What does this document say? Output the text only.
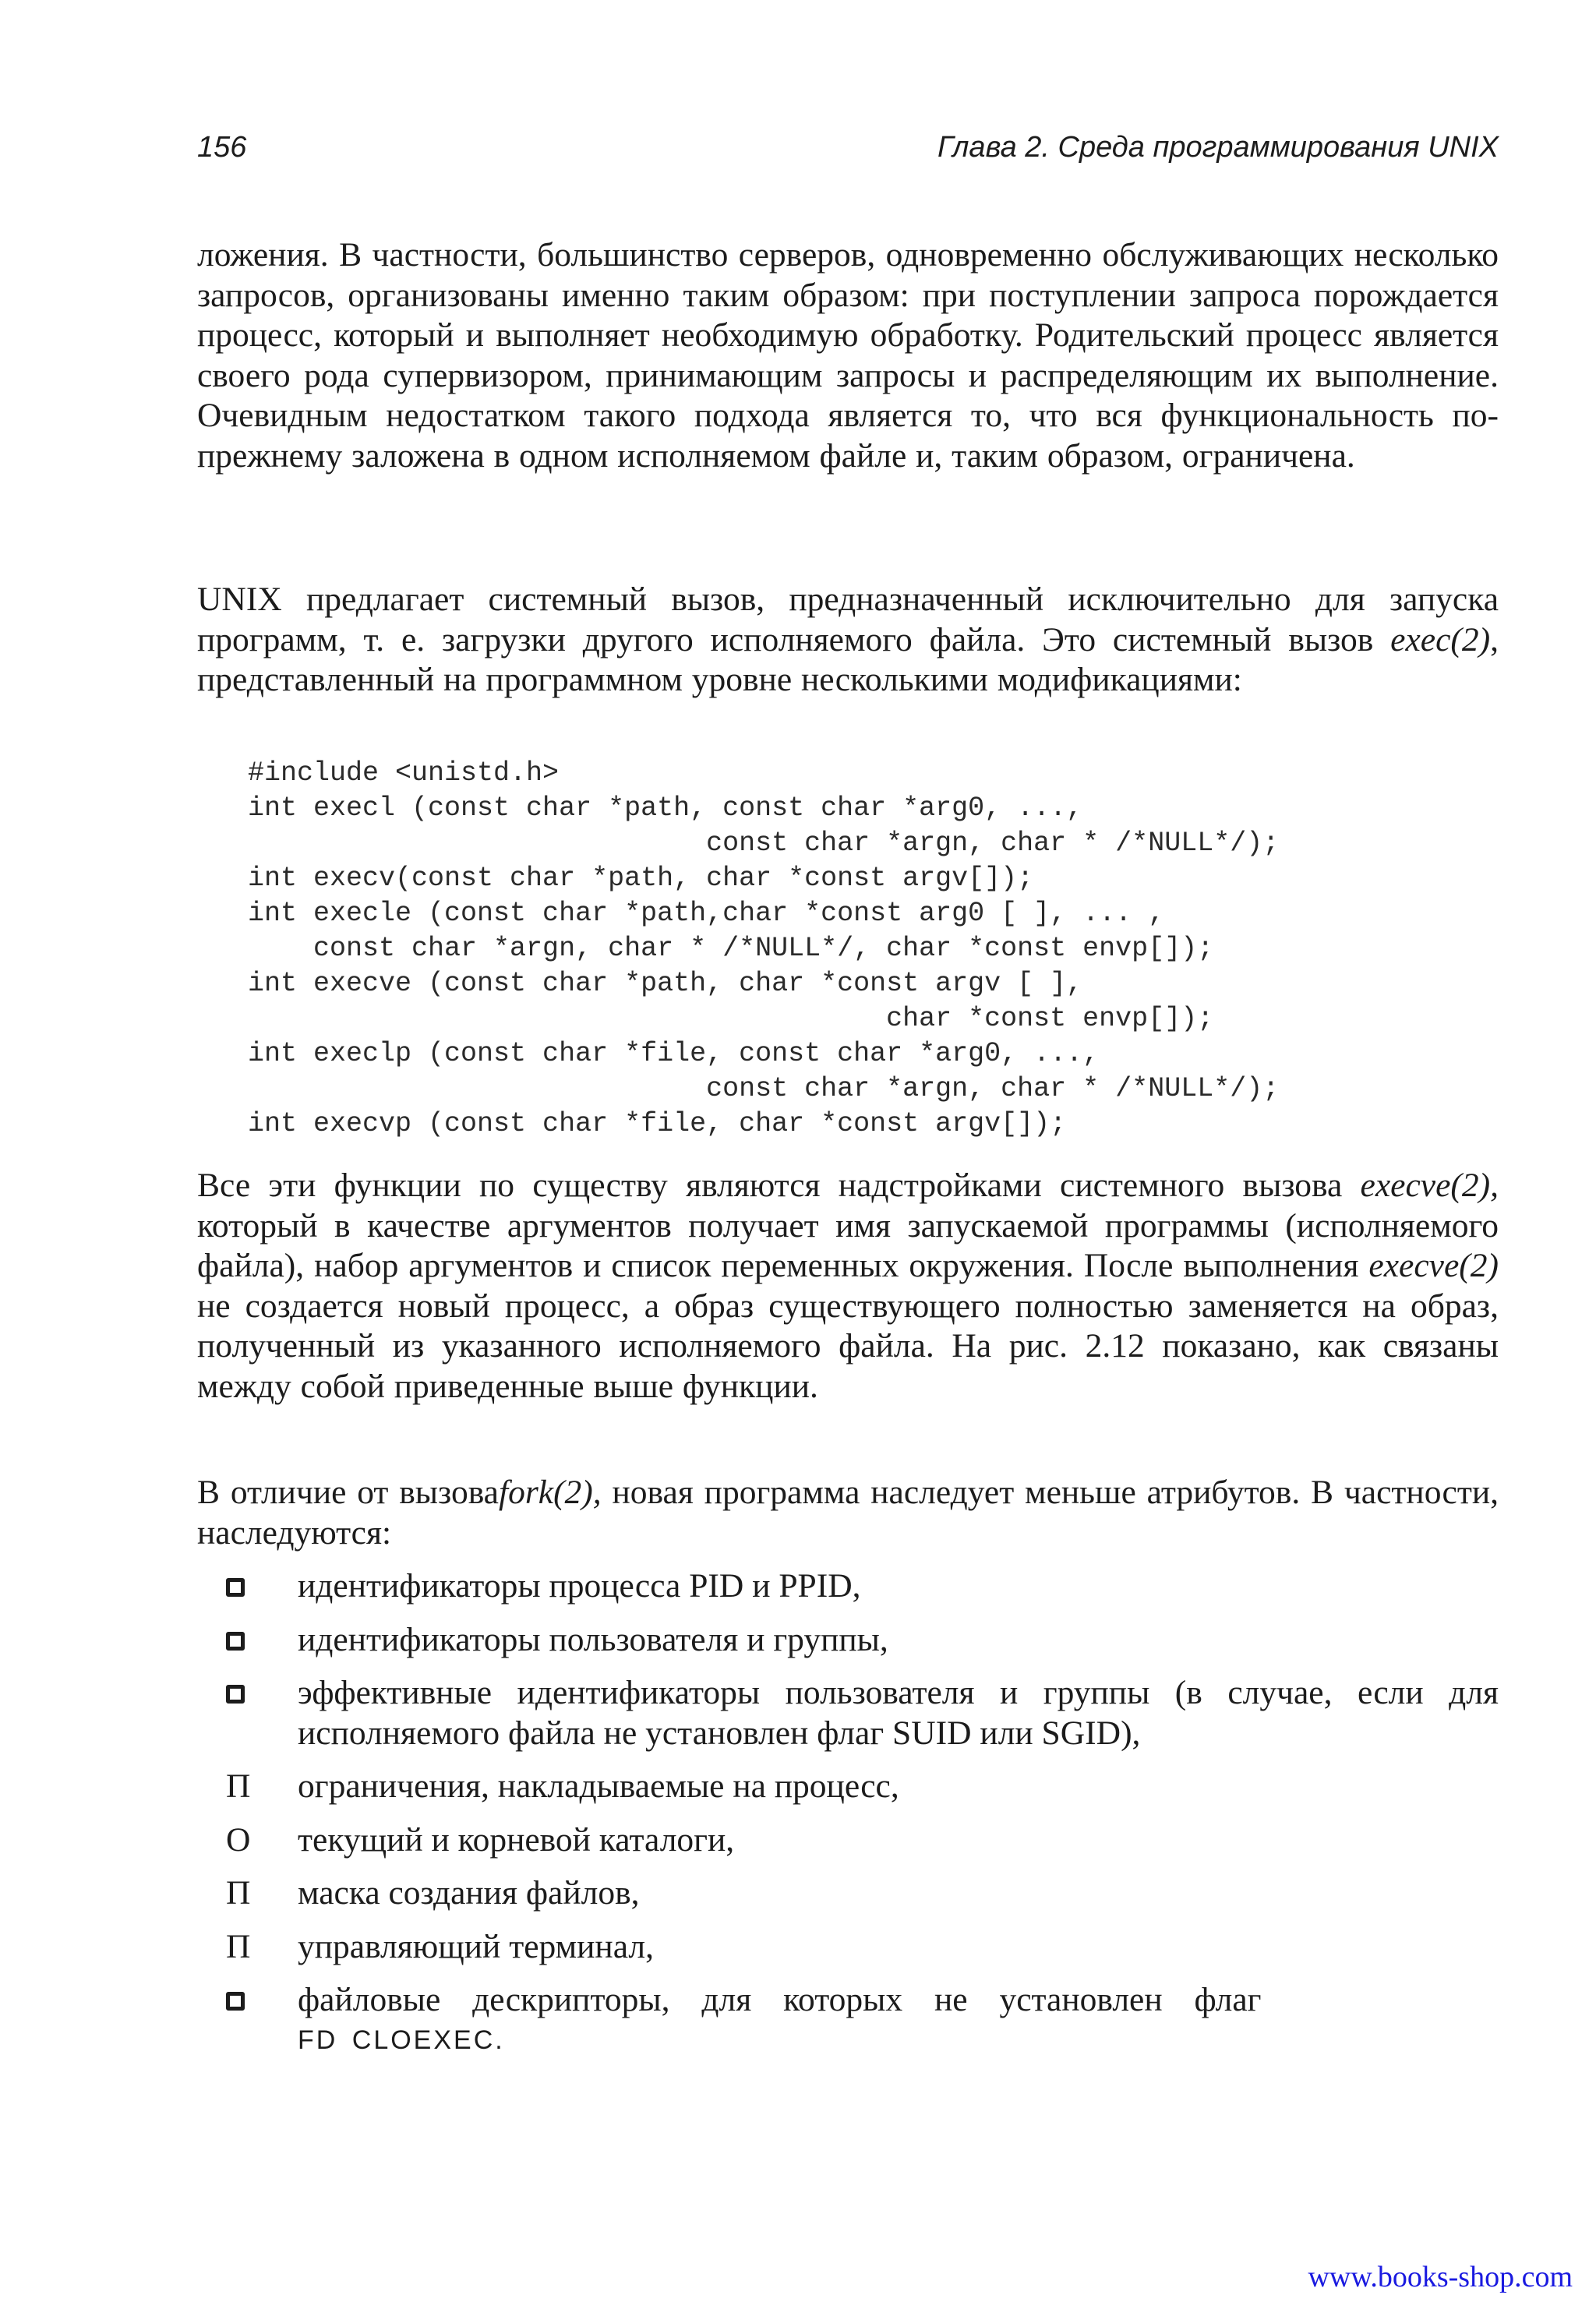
156	Глава 2. Среда программирования UNIX

ложения. В частности, большинство серверов, одновременно обслуживающих несколько запросов, организованы именно таким образом: при поступлении запроса порождается процесс, который и выполняет необходимую обработку. Родительский процесс является своего рода супервизором, принимающим запросы и распределяющим их выполнение. Очевидным недостатком такого подхода является то, что вся функциональность по-прежнему заложена в одном исполняемом файле и, таким образом, ограничена.

UNIX предлагает системный вызов, предназначенный исключительно для запуска программ, т. е. загрузки другого исполняемого файла. Это системный вызов exec(2), представленный на программном уровне несколькими модификациями:

#include <unistd.h>
int execl (const char *path, const char *arg0, ...,
const char *argn, char * /*NULL*/);
int execv(const char *path, char *const argv[]);
int execle (const char *path,char *const arg0 [ ], ... ,
const char *argn, char * /*NULL*/, char *const envp[]);
int execve (const char *path, char *const argv [ ],
char *const envp[]);
int execlp (const char *file, const char *arg0, ...,
const char *argn, char * /*NULL*/);
int execvp (const char *file, char *const argv[]);

Все эти функции по существу являются надстройками системного вызова execve(2), который в качестве аргументов получает имя запускаемой программы (исполняемого файла), набор аргументов и список переменных окружения. После выполнения execve(2) не создается новый процесс, а образ существующего полностью заменяется на образ, полученный из указанного исполняемого файла. На рис. 2.12 показано, как связаны между собой приведенные выше функции.

В отличие от вызоваfork(2), новая программа наследует меньше атрибутов. В частности, наследуются:

идентификаторы процесса PID и PPID,
идентификаторы пользователя и группы,
эффективные идентификаторы пользователя и группы (в случае, если для исполняемого файла не установлен флаг SUID или SGID),
П	ограничения, накладываемые на процесс,
О	текущий и корневой каталоги,
П	маска создания файлов,
П	управляющий терминал,
файловые дескрипторы, для которых не установлен флаг
FD CLOEXEC.
www.books-shop.com
